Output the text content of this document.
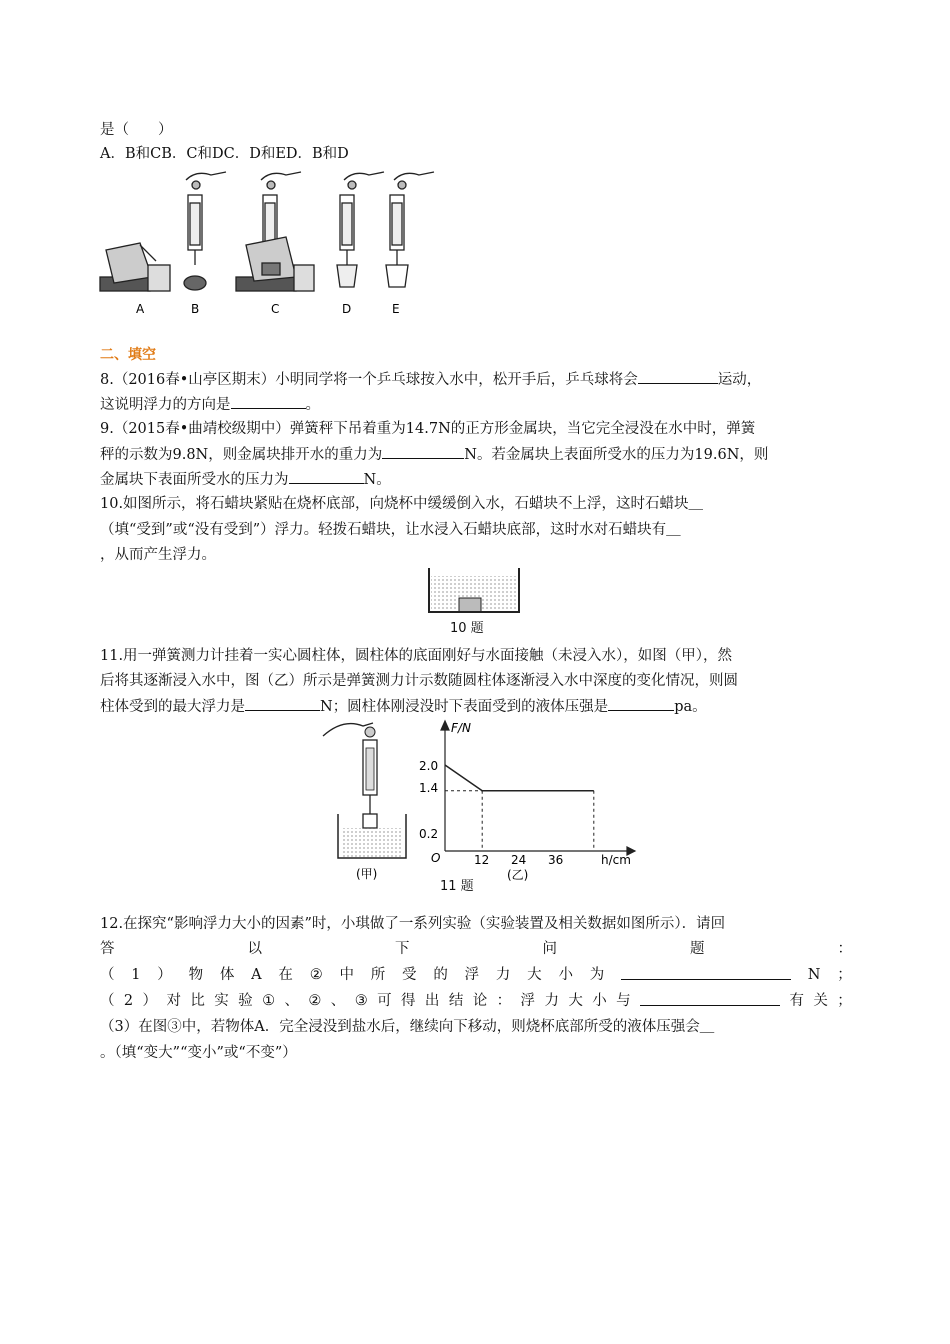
是（　　）
A．B和CB．C和DC．D和ED．B和D
A	B	C	D	E
二、填空
8.（2016春•山亭区期末）小明同学将一个乒乓球按入水中，松开手后，乒乓球将会	运动，
这说明浮力的方向是	。
9.（2015春•曲靖校级期中）弹簧秤下吊着重为14.7N的正方形金属块，当它完全浸没在水中时，弹簧
秤的示数为9.8N，则金属块排开水的重力为	N。若金属块上表面所受水的压力为19.6N，则
金属块下表面所受水的压力为	N。
10.如图所示，将石蜡块紧贴在烧杯底部，向烧杯中缓缓倒入水，石蜡块不上浮，这时石蜡块＿
（填“受到”或“没有受到”）浮力。轻拨石蜡块，让水浸入石蜡块底部，这时水对石蜡块有＿
，从而产生浮力。
10 题
11.用一弹簧测力计挂着一实心圆柱体，圆柱体的底面刚好与水面接触（未浸入水），如图（甲），然
后将其逐渐浸入水中，图（乙）所示是弹簧测力计示数随圆柱体逐渐浸入水中深度的变化情况，则圆
柱体受到的最大浮力是	N；圆柱体刚浸没时下表面受到的液体压强是	pa。
(甲)
F/N
h/cm
O
2.0
1.4
0.2
12 24 36
(乙)
11 题
12.在探究“影响浮力大小的因素”时，小琪做了一系列实验（实验装置及相关数据如图所示）．请回
答	以	下	问	题	：
（ 1 ） 物 体 A 在 ② 中 所 受 的 浮 力 大 小 为	N ；
（ 2 ） 对 比 实 验 ① 、 ② 、 ③ 可 得 出 结 论 ： 浮 力 大 小 与	有 关 ；
（3）在图③中，若物体A．完全浸没到盐水后，继续向下移动，则烧杯底部所受的液体压强会＿
。（填“变大”“变小”或“不变”）
